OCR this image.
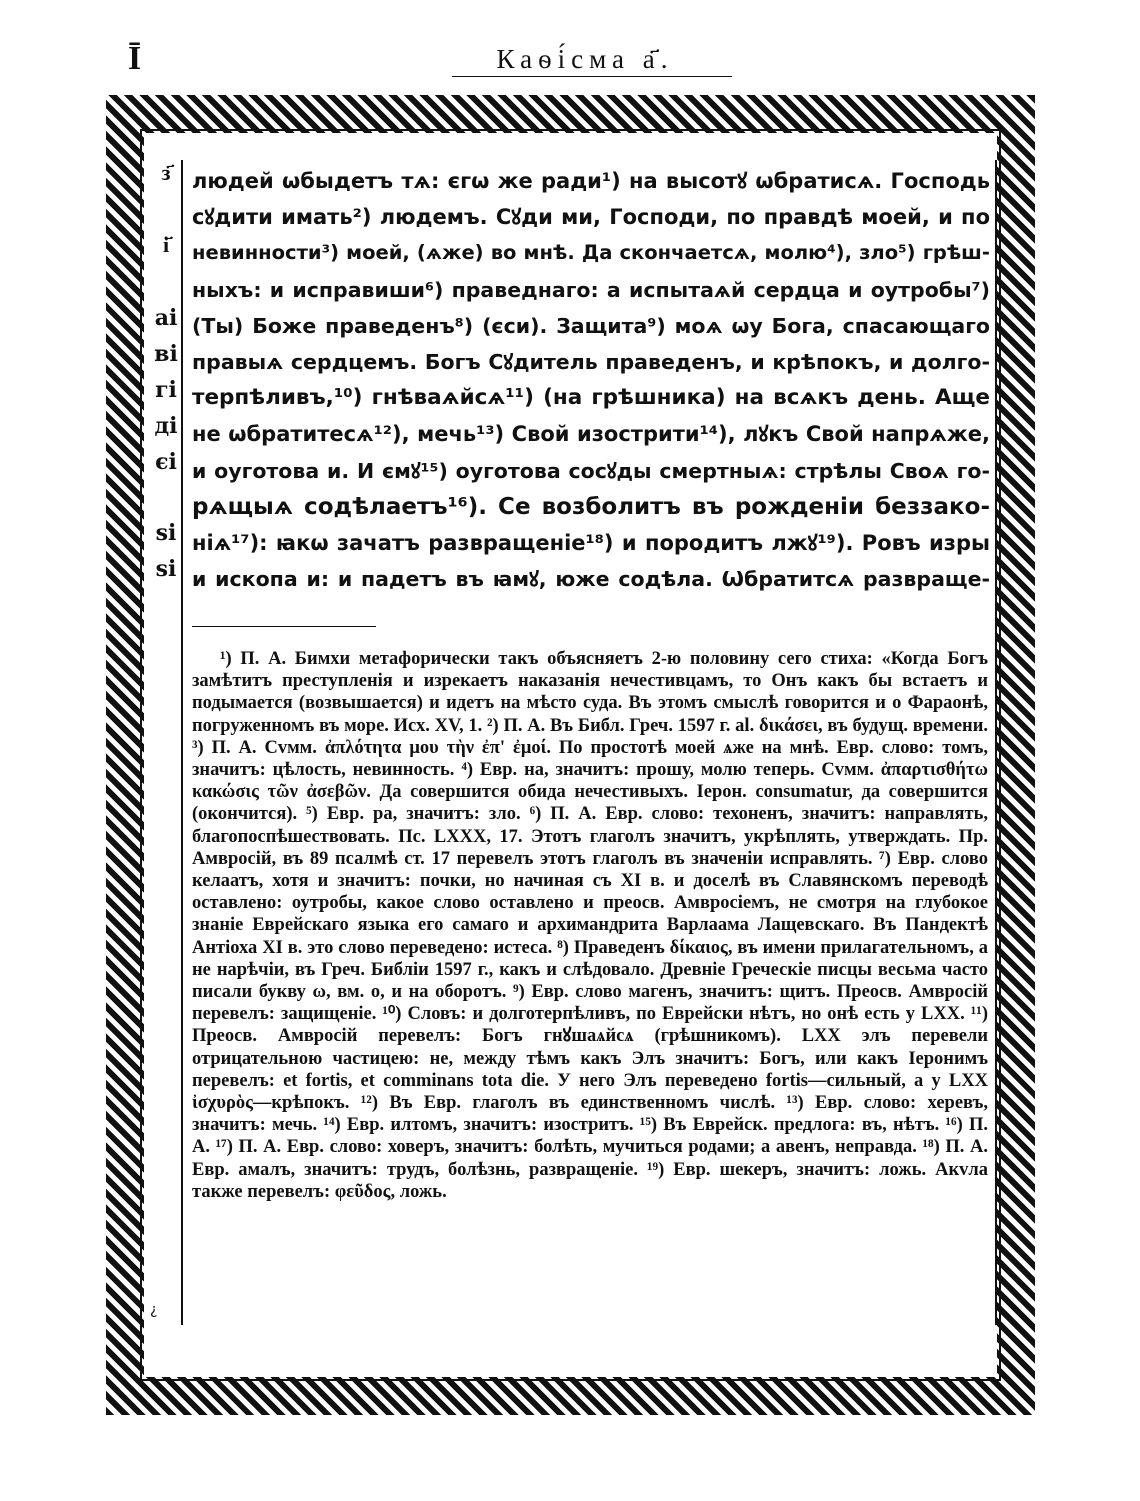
Ī	Каѳі́сма а҃.
з҃
і҃
аі
ві
гі
ді
єі
ѕі
ѕі
людей ѡбыдетъ тѧ: єгѡ же ради¹) на высотꙋ ѡбратисѧ. Господь
сꙋдити имать²) людемъ. Сꙋди ми, Господи, по правдѣ моей, и по
невинности³) моей, (ѧже) во мнѣ. Да скончаетсѧ, молю⁴), зло⁵) грѣш-
ныхъ: и исправиши⁶) праведнаго: а испытаѧй сердца и оутробы⁷)
(Ты) Боже праведенъ⁸) (єси). Защита⁹) моѧ ѡу Бога, спасающаго
правыѧ сердцемъ. Богъ Сꙋдитель праведенъ, и крѣпокъ, и долго-
терпѣливъ,¹⁰) гнѣваѧйсѧ¹¹) (на грѣшника) на всѧкъ день. Аще
не ѡбратитесѧ¹²), мечь¹³) Свой изострити¹⁴), лꙋкъ Свой напрѧже,
и оуготова и. И ємꙋ¹⁵) оуготова сосꙋды смертныѧ: стрѣлы Своѧ го-
рѧщыѧ содѣлаетъ¹⁶). Се возболитъ въ рожденіи беззако-
ніѧ¹⁷): ꙗкѡ зачатъ развращеніе¹⁸) и породитъ лжꙋ¹⁹). Ровъ изры
и ископа и: и падетъ въ ꙗмꙋ, юже содѣла. Ѡбратитсѧ развраще-

¹) П. А. Бимхи метафорически такъ объясняетъ 2-ю половину сего стиха: «Когда Богъ замѣтитъ преступленія и изрекаетъ наказанія нечестивцамъ, то Онъ какъ бы встаетъ и подымается (возвышается) и идетъ на мѣсто суда. Въ этомъ смыслѣ говорится и о Фараонѣ, погруженномъ въ море. Исх. XV, 1. ²) П. А. Въ Библ. Греч. 1597 г. al. δικάσει, въ будущ. времени. ³) П. А. Сvмм. ἀπλότητα μου τὴν ἐπ' ἐμοί. По простотѣ моей ѧже на мнѣ. Евр. слово: томъ, значитъ: цѣлость, невинность. ⁴) Евр. на, значитъ: прошу, молю теперь. Сvмм. ἀπαρτισθήτω κακώσις τῶν ἀσεβῶν. Да совершится обида нечестивыхъ. Іерон. consumatur, да совершится (окончится). ⁵) Евр. ра, значитъ: зло. ⁶) П. А. Евр. слово: техоненъ, значитъ: направлять, благопоспѣшествовать. Пс. LXXX, 17. Этотъ глаголъ значитъ, укрѣплять, утверждать. Пр. Амвросій, въ 89 псалмѣ ст. 17 перевелъ этотъ глаголъ въ значеніи исправлять. ⁷) Евр. слово келаатъ, хотя и значитъ: почки, но начиная съ XI в. и доселѣ въ Славянскомъ переводѣ оставлено: оутробы, какое слово оставлено и преосв. Амвросіемъ, не смотря на глубокое знаніе Еврейскаго языка его самаго и архимандрита Варлаама Лащевскаго. Въ Пандектѣ Антіоха XI в. это слово переведено: истеса. ⁸) Праведенъ δίκαιος, въ имени прилагательномъ, а не нарѣчіи, въ Греч. Библіи 1597 г., какъ и слѣдовало. Древніе Греческіе писцы весьма часто писали букву ω, вм. о, и на оборотъ. ⁹) Евр. слово магенъ, значитъ: щитъ. Преосв. Амвросій перевелъ: защищеніе. ¹⁰) Словъ: и долготерпѣливъ, по Еврейски нѣтъ, но онѣ есть у LXX. ¹¹) Преосв. Амвросій перевелъ: Богъ гнꙋшаѧйсѧ (грѣшникомъ). LXX элъ перевели отрицательною частицею: не, между тѣмъ какъ Элъ значитъ: Богъ, или какъ Іеронимъ перевелъ: et fortis, et comminans tota die. У него Элъ переведено fortis—сильный, а у LXX ἰσχυρὸς—крѣпокъ. ¹²) Въ Евр. глаголъ въ единственномъ числѣ. ¹³) Евр. слово: херевъ, значитъ: мечь. ¹⁴) Евр. илтомъ, значитъ: изостритъ. ¹⁵) Въ Еврейск. предлога: въ, нѣтъ. ¹⁶) П. А. ¹⁷) П. А. Евр. слово: ховеръ, значитъ: болѣть, мучиться родами; а авенъ, неправда. ¹⁸) П. А. Евр. амалъ, значитъ: трудъ, болѣзнь, развращеніе. ¹⁹) Евр. шекеръ, значитъ: ложь. Акvла также перевелъ: φεῦδος, ложь.

¿
